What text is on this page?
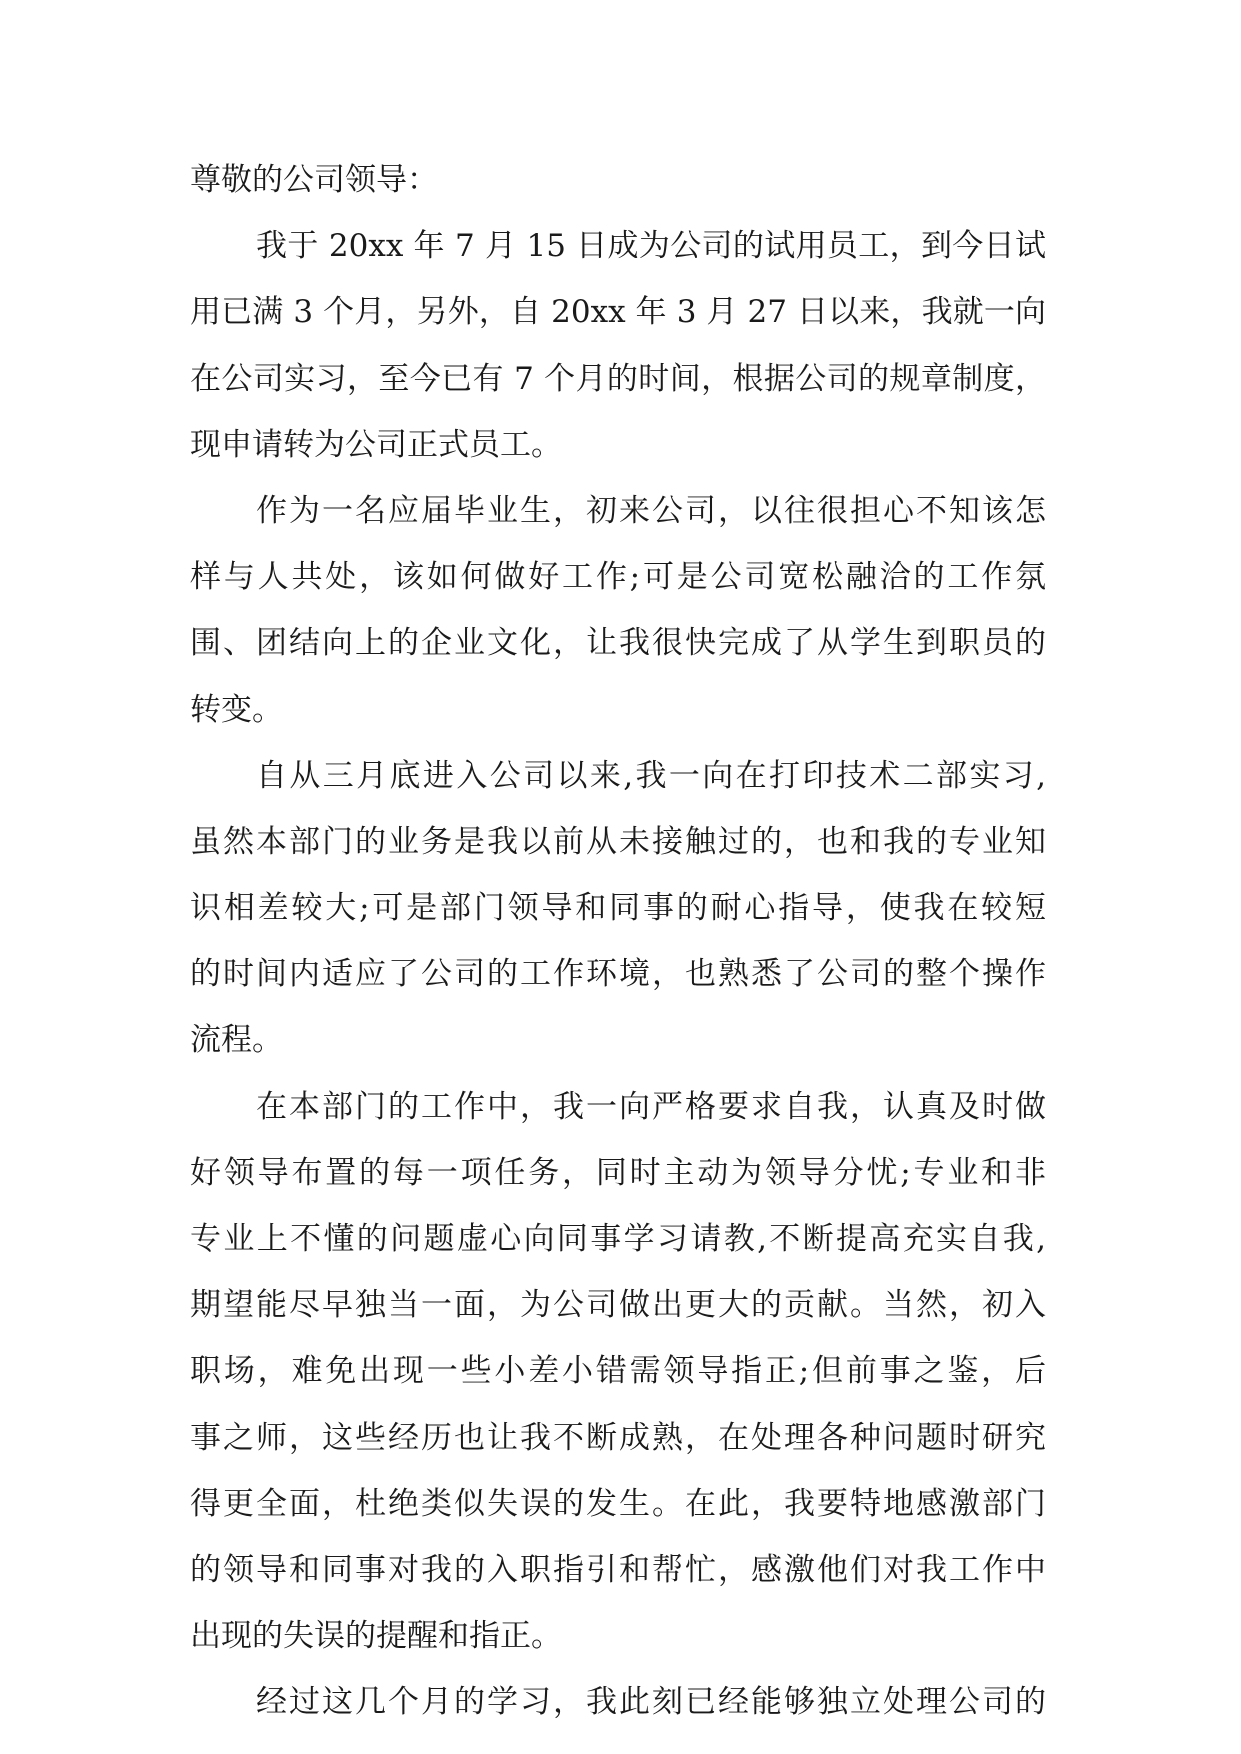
尊敬的公司领导：
我于 20xx 年 7 月 15 日成为公司的试用员工，到今日试
用已满 3 个月，另外，自 20xx 年 3 月 27 日以来，我就一向
在公司实习，至今已有 7 个月的时间，根据公司的规章制度，
现申请转为公司正式员工。
作为一名应届毕业生，初来公司，以往很担心不知该怎
样与人共处，该如何做好工作;可是公司宽松融洽的工作氛
围、团结向上的企业文化，让我很快完成了从学生到职员的
转变。
自从三月底进入公司以来,我一向在打印技术二部实习,
虽然本部门的业务是我以前从未接触过的，也和我的专业知
识相差较大;可是部门领导和同事的耐心指导，使我在较短
的时间内适应了公司的工作环境，也熟悉了公司的整个操作
流程。
在本部门的工作中，我一向严格要求自我，认真及时做
好领导布置的每一项任务，同时主动为领导分忧;专业和非
专业上不懂的问题虚心向同事学习请教,不断提高充实自我,
期望能尽早独当一面，为公司做出更大的贡献。当然，初入
职场，难免出现一些小差小错需领导指正;但前事之鉴，后
事之师，这些经历也让我不断成熟，在处理各种问题时研究
得更全面，杜绝类似失误的发生。在此，我要特地感激部门
的领导和同事对我的入职指引和帮忙，感激他们对我工作中
出现的失误的提醒和指正。
经过这几个月的学习，我此刻已经能够独立处理公司的
